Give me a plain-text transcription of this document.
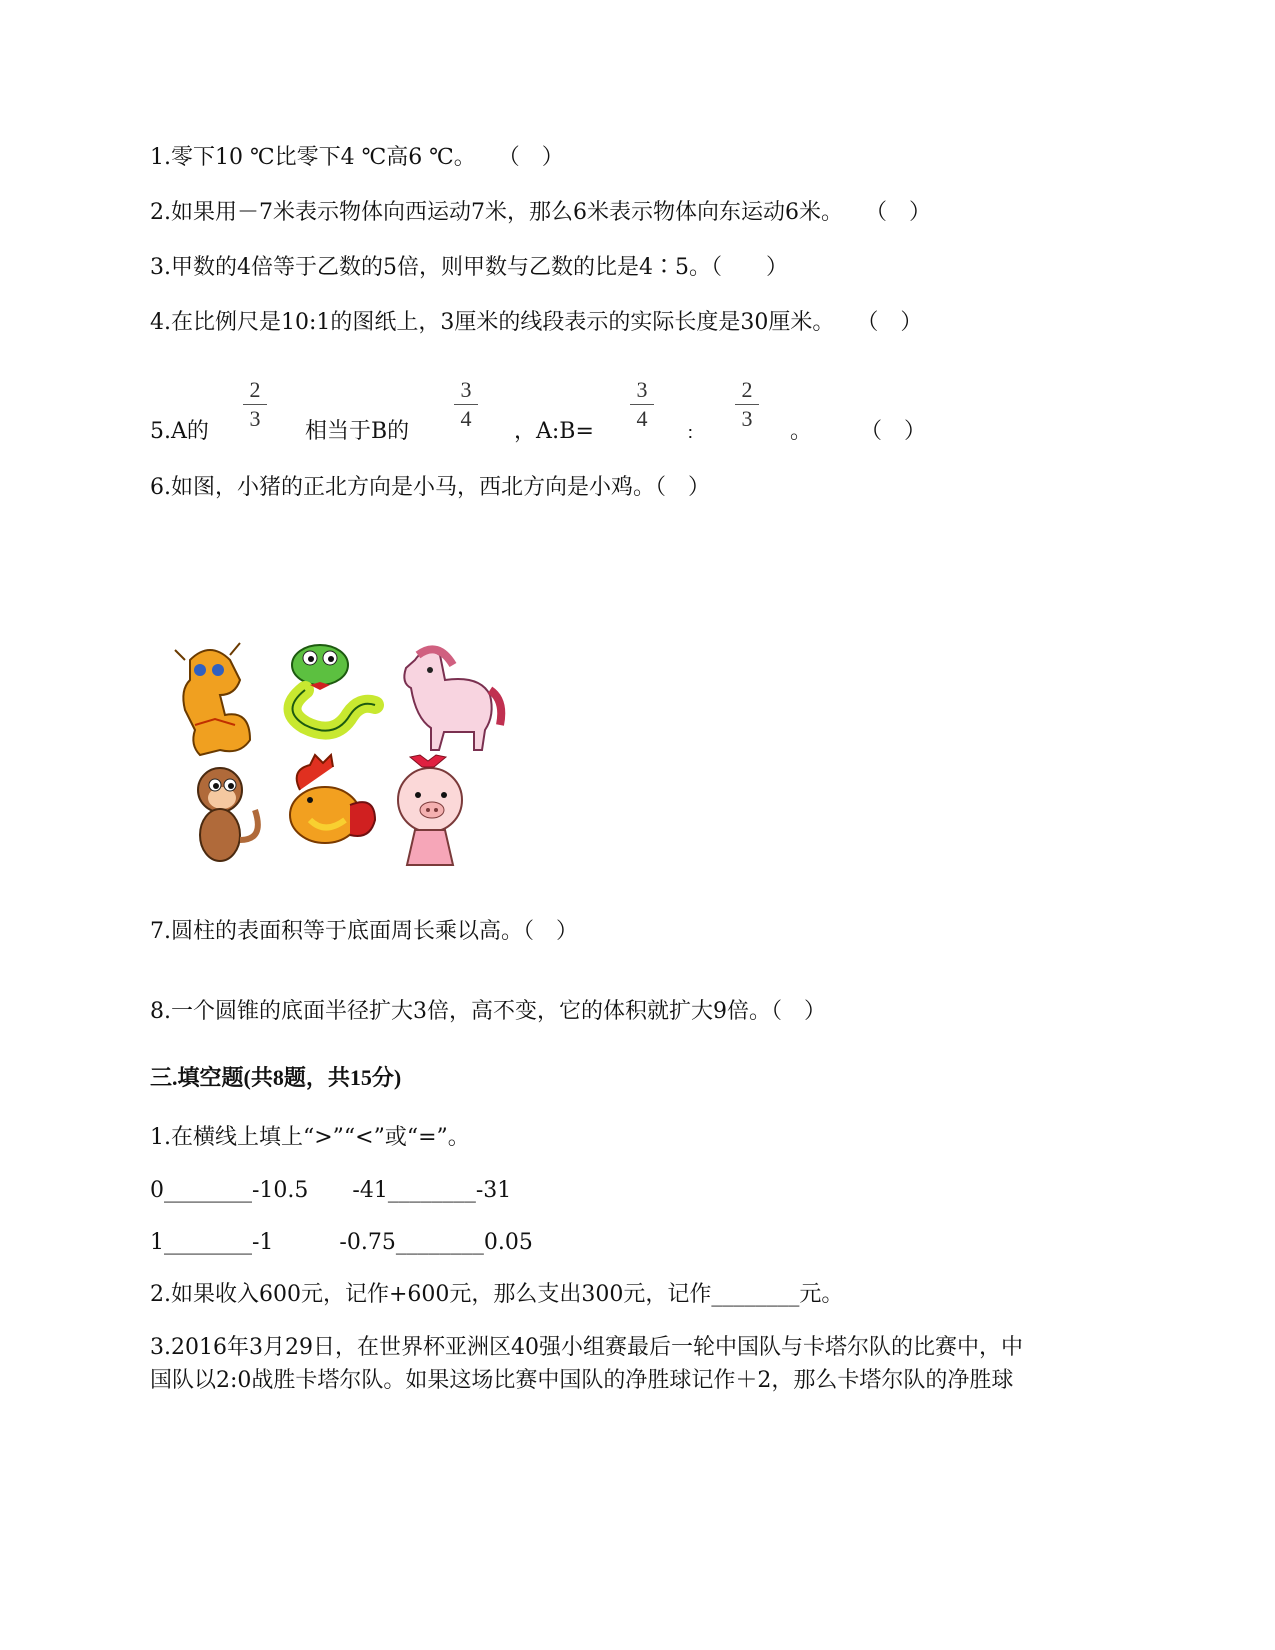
1.零下10 ℃比零下4 ℃高6 ℃。　　（　）
2.如果用－7米表示物体向西运动7米，那么6米表示物体向东运动6米。　　（　）
3.甲数的4倍等于乙数的5倍，则甲数与乙数的比是4∶5。（　　）
4.在比例尺是10:1的图纸上，3厘米的线段表示的实际长度是30厘米。　　（　）
5.A的
2
3
相当于B的
3
4
，A:B=
3
4
∶
2
3
。 （　）
6.如图，小猪的正北方向是小马，西北方向是小鸡。（　）
7.圆柱的表面积等于底面周长乘以高。（　）
8.一个圆锥的底面半径扩大3倍，高不变，它的体积就扩大9倍。（　）
三.填空题(共8题，共15分)
1.在横线上填上“>”“<”或“=”。
0________-10.5　　-41________-31
1________-1　　　-0.75________0.05
2.如果收入600元，记作+600元，那么支出300元，记作________元。
3.2016年3月29日，在世界杯亚洲区40强小组赛最后一轮中国队与卡塔尔队的比赛中，中
国队以2:0战胜卡塔尔队。如果这场比赛中国队的净胜球记作＋2，那么卡塔尔队的净胜球
